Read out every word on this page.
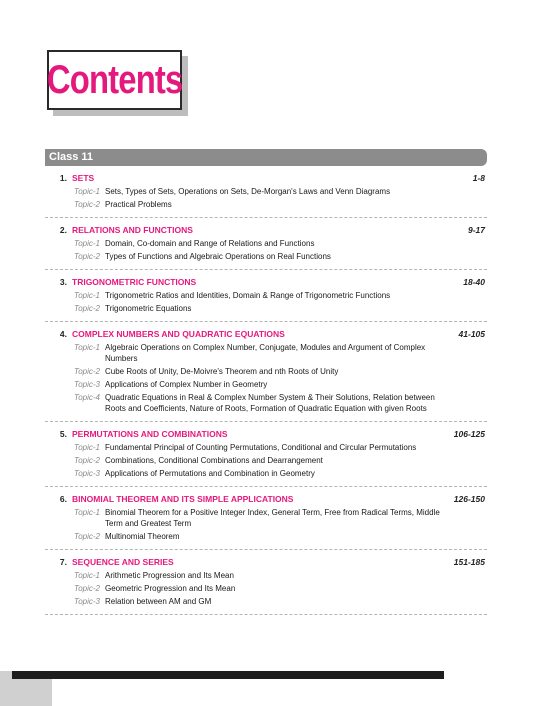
Contents
Class 11
1. SETS	1-8
Topic-1 Sets, Types of Sets, Operations on Sets, De-Morgan's Laws and Venn Diagrams
Topic-2 Practical Problems
2. RELATIONS AND FUNCTIONS	9-17
Topic-1 Domain, Co-domain and Range of Relations and Functions
Topic-2 Types of Functions and Algebraic Operations on Real Functions
3. TRIGONOMETRIC FUNCTIONS	18-40
Topic-1 Trigonometric Ratios and Identities, Domain & Range of Trigonometric Functions
Topic-2 Trigonometric Equations
4. COMPLEX NUMBERS AND QUADRATIC EQUATIONS	41-105
Topic-1 Algebraic Operations on Complex Number, Conjugate, Modules and Argument of Complex Numbers
Topic-2 Cube Roots of Unity, De-Moivre's Theorem and nth Roots of Unity
Topic-3 Applications of Complex Number in Geometry
Topic-4 Quadratic Equations in Real & Complex Number System & Their Solutions, Relation between Roots and Coefficients, Nature of Roots, Formation of Quadratic Equation with given Roots
5. PERMUTATIONS AND COMBINATIONS	106-125
Topic-1 Fundamental Principal of Counting Permutations, Conditional and Circular Permutations
Topic-2 Combinations, Conditional Combinations and Dearrangement
Topic-3 Applications of Permutations and Combination in Geometry
6. BINOMIAL THEOREM AND ITS SIMPLE APPLICATIONS	126-150
Topic-1 Binomial Theorem for a Positive Integer Index, General Term, Free from Radical Terms, Middle Term and Greatest Term
Topic-2 Multinomial Theorem
7. SEQUENCE AND SERIES	151-185
Topic-1 Arithmetic Progression and Its Mean
Topic-2 Geometric Progression and Its Mean
Topic-3 Relation between AM and GM
